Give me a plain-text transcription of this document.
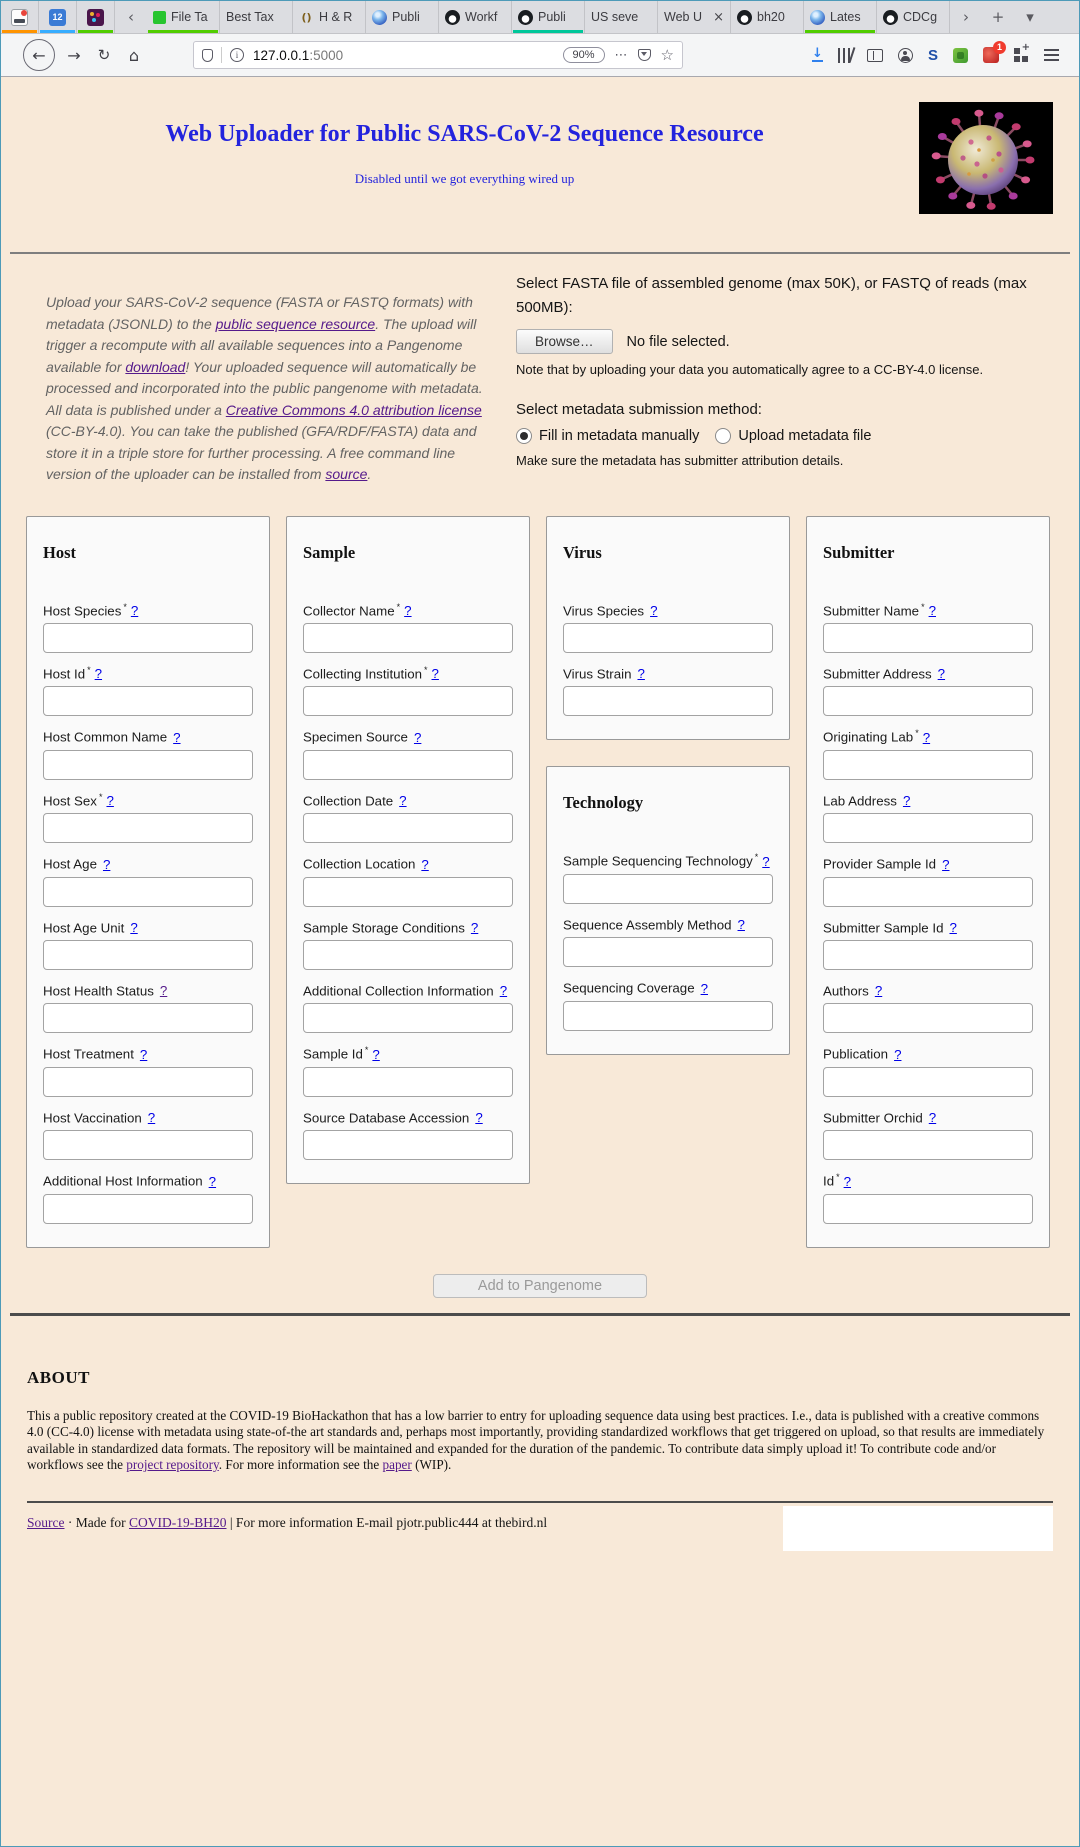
12	‹	File Ta	Best Tax	() H & R	Publi	Workf	Publi	US seve	Web U ×	bh20	Lates	CDCg	›	+	▾
←	→	↻	⌂	i	127.0.0.1:5000	90%	⋯ ☆	↓	S	1
+
Web Uploader for Public SARS-CoV-2 Sequence Resource
Disabled until we got everything wired up
Upload your SARS-CoV-2 sequence (FASTA or FASTQ formats) with metadata (JSONLD) to the public sequence resource. The upload will trigger a recompute with all available sequences into a Pangenome available for download! Your uploaded sequence will automatically be processed and incorporated into the public pangenome with metadata. All data is published under a Creative Commons 4.0 attribution license (CC-BY-4.0). You can take the published (GFA/RDF/FASTA) data and store it in a triple store for further processing. A free command line version of the uploader can be installed from source.
Select FASTA file of assembled genome (max 50K), or FASTQ of reads (max 500MB):
Browse…	No file selected.
Note that by uploading your data you automatically agree to a CC-BY-4.0 license.
Select metadata submission method:
Fill in metadata manually	Upload metadata file
Make sure the metadata has submitter attribution details.
Host
Host Species * ?
Host Id * ?
Host Common Name ?
Host Sex * ?
Host Age ?
Host Age Unit ?
Host Health Status ?
Host Treatment ?
Host Vaccination ?
Additional Host Information ?
Sample
Collector Name * ?
Collecting Institution * ?
Specimen Source ?
Collection Date ?
Collection Location ?
Sample Storage Conditions ?
Additional Collection Information ?
Sample Id * ?
Source Database Accession ?
Virus
Virus Species ?
Virus Strain ?
Technology
Sample Sequencing Technology * ?
Sequence Assembly Method ?
Sequencing Coverage ?
Submitter
Submitter Name * ?
Submitter Address ?
Originating Lab * ?
Lab Address ?
Provider Sample Id ?
Submitter Sample Id ?
Authors ?
Publication ?
Submitter Orchid ?
Id * ?
Add to Pangenome
ABOUT

This a public repository created at the COVID-19 BioHackathon that has a low barrier to entry for uploading sequence data using best practices. I.e., data is published with a creative commons 4.0 (CC-4.0) license with metadata using state-of-the art standards and, perhaps most importantly, providing standardized workflows that get triggered on upload, so that results are immediately available in standardized data formats. The repository will be maintained and expanded for the duration of the pandemic. To contribute data simply upload it! To contribute code and/or workflows see the project repository. For more information see the paper (WIP).

Source · Made for COVID-19-BH20 | For more information E-mail pjotr.public444 at thebird.nl
